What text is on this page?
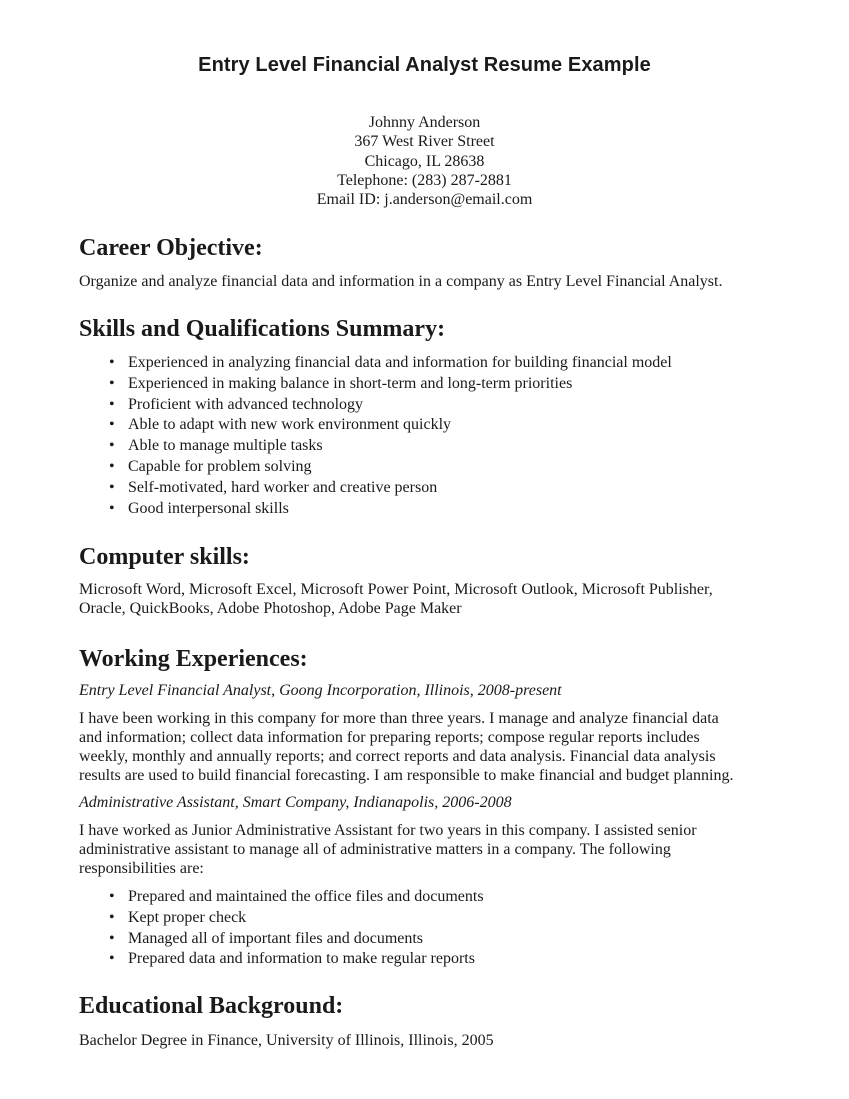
Entry Level Financial Analyst Resume Example
Johnny Anderson
367 West River Street
Chicago, IL 28638
Telephone: (283) 287-2881
Email ID: j.anderson@email.com
Career Objective:
Organize and analyze financial data and information in a company as Entry Level Financial Analyst.
Skills and Qualifications Summary:
• Experienced in analyzing financial data and information for building financial model
• Experienced in making balance in short-term and long-term priorities
• Proficient with advanced technology
• Able to adapt with new work environment quickly
• Able to manage multiple tasks
• Capable for problem solving
• Self-motivated, hard worker and creative person
• Good interpersonal skills
Computer skills:
Microsoft Word, Microsoft Excel, Microsoft Power Point, Microsoft Outlook, Microsoft Publisher,
Oracle, QuickBooks, Adobe Photoshop, Adobe Page Maker
Working Experiences:
Entry Level Financial Analyst, Goong Incorporation, Illinois, 2008-present
I have been working in this company for more than three years. I manage and analyze financial data
and information; collect data information for preparing reports; compose regular reports includes
weekly, monthly and annually reports; and correct reports and data analysis. Financial data analysis
results are used to build financial forecasting. I am responsible to make financial and budget planning.
Administrative Assistant, Smart Company, Indianapolis, 2006-2008
I have worked as Junior Administrative Assistant for two years in this company. I assisted senior
administrative assistant to manage all of administrative matters in a company. The following
responsibilities are:
• Prepared and maintained the office files and documents
• Kept proper check
• Managed all of important files and documents
• Prepared data and information to make regular reports
Educational Background:
Bachelor Degree in Finance, University of Illinois, Illinois, 2005
